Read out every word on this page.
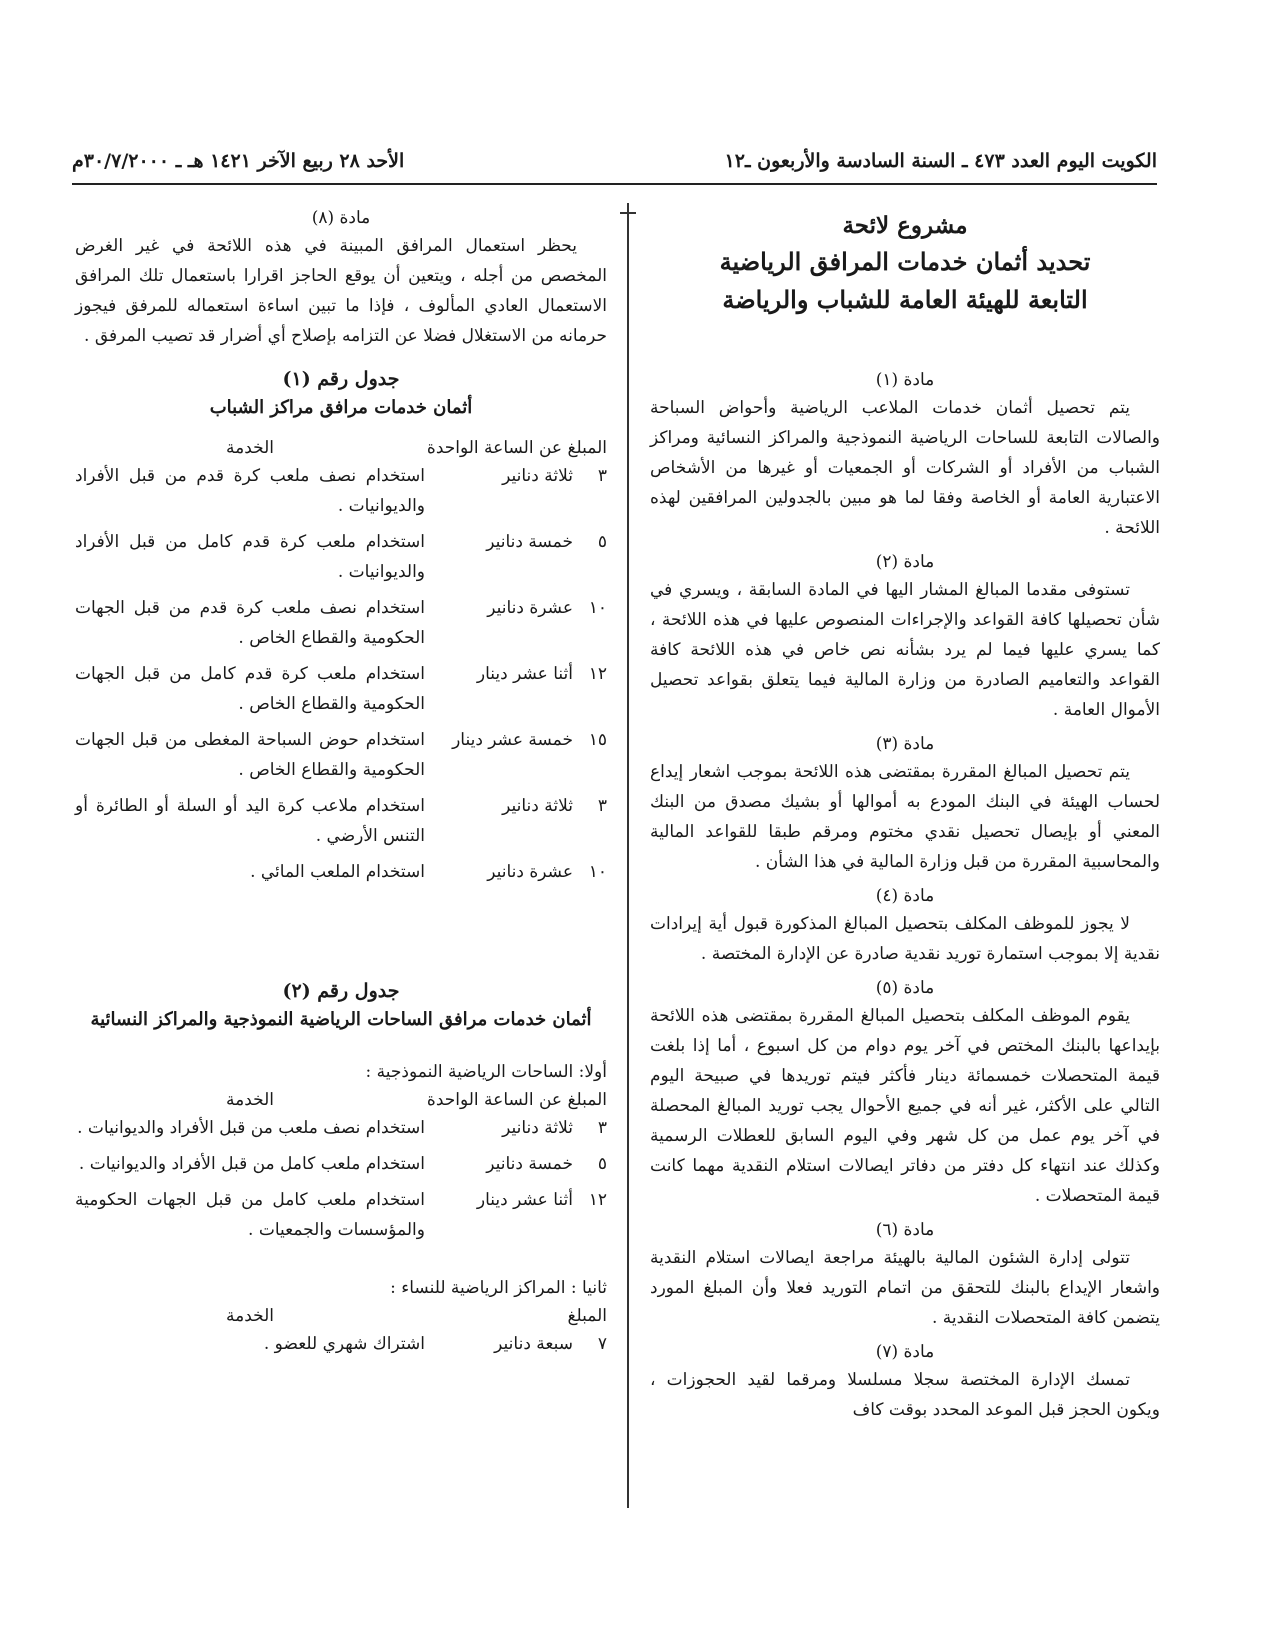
الكويت اليوم العدد ٤٧٣ ـ السنة السادسة والأربعون ـ١٢
الأحد ٢٨ ربيع الآخر ١٤٢١ هـ ـ ٣٠/٧/٢٠٠٠م
مشروع لائحة
تحديد أثمان خدمات المرافق الرياضية
التابعة للهيئة العامة للشباب والرياضة
مادة (١)
يتم تحصيل أثمان خدمات الملاعب الرياضية وأحواض السباحة والصالات التابعة للساحات الرياضية النموذجية والمراكز النسائية ومراكز الشباب من الأفراد أو الشركات أو الجمعيات أو غيرها من الأشخاص الاعتبارية العامة أو الخاصة وفقا لما هو مبين بالجدولين المرافقين لهذه اللائحة .
مادة (٢)
تستوفى مقدما المبالغ المشار اليها في المادة السابقة ، ويسري في شأن تحصيلها كافة القواعد والإجراءات المنصوص عليها في هذه اللائحة ، كما يسري عليها فيما لم يرد بشأنه نص خاص في هذه اللائحة كافة القواعد والتعاميم الصادرة من وزارة المالية فيما يتعلق بقواعد تحصيل الأموال العامة .
مادة (٣)
يتم تحصيل المبالغ المقررة بمقتضى هذه اللائحة بموجب اشعار إيداع لحساب الهيئة في البنك المودع به أموالها أو بشيك مصدق من البنك المعني أو بإيصال تحصيل نقدي مختوم ومرقم طبقا للقواعد المالية والمحاسبية المقررة من قبل وزارة المالية في هذا الشأن .
مادة (٤)
لا يجوز للموظف المكلف بتحصيل المبالغ المذكورة قبول أية إيرادات نقدية إلا بموجب استمارة توريد نقدية صادرة عن الإدارة المختصة .
مادة (٥)
يقوم الموظف المكلف بتحصيل المبالغ المقررة بمقتضى هذه اللائحة بإيداعها بالبنك المختص في آخر يوم دوام من كل اسبوع ، أما إذا بلغت قيمة المتحصلات خمسمائة دينار فأكثر فيتم توريدها في صبيحة اليوم التالي على الأكثر، غير أنه في جميع الأحوال يجب توريد المبالغ المحصلة في آخر يوم عمل من كل شهر وفي اليوم السابق للعطلات الرسمية وكذلك عند انتهاء كل دفتر من دفاتر ايصالات استلام النقدية مهما كانت قيمة المتحصلات .
مادة (٦)
تتولى إدارة الشئون المالية بالهيئة مراجعة ايصالات استلام النقدية واشعار الإيداع بالبنك للتحقق من اتمام التوريد فعلا وأن المبلغ المورد يتضمن كافة المتحصلات النقدية .
مادة (٧)
تمسك الإدارة المختصة سجلا مسلسلا ومرقما لقيد الحجوزات ، ويكون الحجز قبل الموعد المحدد بوقت كاف
مادة (٨)
يحظر استعمال المرافق المبينة في هذه اللائحة في غير الغرض المخصص من أجله ، ويتعين أن يوقع الحاجز اقرارا باستعمال تلك المرافق الاستعمال العادي المألوف ، فإذا ما تبين اساءة استعماله للمرفق فيجوز حرمانه من الاستغلال فضلا عن التزامه بإصلاح أي أضرار قد تصيب المرفق .
جدول رقم (١)
أثمان خدمات مرافق مراكز الشباب
المبلغ عن الساعة الواحدة		الخدمة
٣	ثلاثة دنانير	استخدام نصف ملعب كرة قدم من قبل الأفراد والديوانيات .
٥	خمسة دنانير	استخدام ملعب كرة قدم كامل من قبل الأفراد والديوانيات .
١٠	عشرة دنانير	استخدام نصف ملعب كرة قدم من قبل الجهات الحكومية والقطاع الخاص .
١٢	أثنا عشر دينار	استخدام ملعب كرة قدم كامل من قبل الجهات الحكومية والقطاع الخاص .
١٥	خمسة عشر دينار	استخدام حوض السباحة المغطى من قبل الجهات الحكومية والقطاع الخاص .
٣	ثلاثة دنانير	استخدام ملاعب كرة اليد أو السلة أو الطائرة أو التنس الأرضي .
١٠	عشرة دنانير	استخدام الملعب المائي .
جدول رقم (٢)
أثمان خدمات مرافق الساحات الرياضية النموذجية والمراكز النسائية
أولا: الساحات الرياضية النموذجية :
المبلغ عن الساعة الواحدة		الخدمة
٣	ثلاثة دنانير	استخدام نصف ملعب من قبل الأفراد والديوانيات .
٥	خمسة دنانير	استخدام ملعب كامل من قبل الأفراد والديوانيات .
١٢	أثنا عشر دينار	استخدام ملعب كامل من قبل الجهات الحكومية والمؤسسات والجمعيات .
ثانيا : المراكز الرياضية للنساء :
المبلغ		الخدمة
٧	سبعة دنانير	اشتراك شهري للعضو .
